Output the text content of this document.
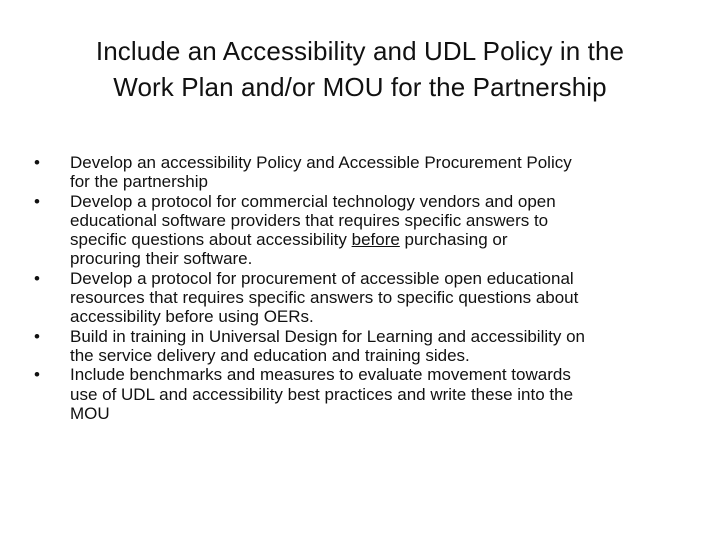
Include an Accessibility and UDL Policy in the
Work Plan and/or MOU for the Partnership
•	Develop an accessibility Policy and Accessible Procurement Policy
for the partnership
•	Develop a protocol for commercial technology vendors and open
educational software providers that requires specific answers to
specific questions about accessibility before purchasing or
procuring their software.
•	Develop a protocol for procurement of accessible open educational
resources that requires specific answers to specific questions about
accessibility before using OERs.
•	Build in training in Universal Design for Learning and accessibility on
the service delivery and education and training sides.
•	Include benchmarks and measures to evaluate movement towards
use of UDL and accessibility best practices and write these into the
MOU
